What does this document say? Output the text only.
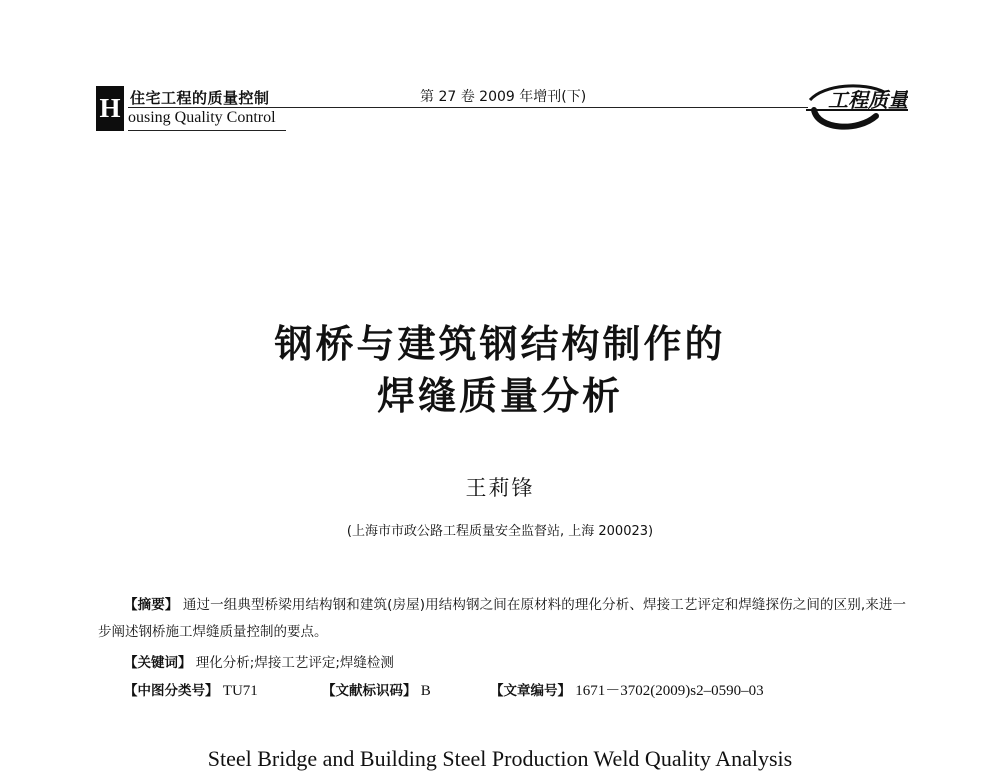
H 住宅工程的质量控制
ousing Quality Control
第 27 卷 2009 年增刊(下)	工程质量
钢桥与建筑钢结构制作的
焊缝质量分析
王莉锋
(上海市市政公路工程质量安全监督站, 上海 200023)
【摘要】 通过一组典型桥梁用结构钢和建筑(房屋)用结构钢之间在原材料的理化分析、焊接工艺评定和焊缝探伤之间的区别,来进一步阐述钢桥施工焊缝质量控制的要点。
【关键词】 理化分析;焊接工艺评定;焊缝检测
【中图分类号】 TU71	【文献标识码】 B	【文章编号】 1671－3702(2009)s2–0590–03
Steel Bridge and Building Steel Production Weld Quality Analysis
